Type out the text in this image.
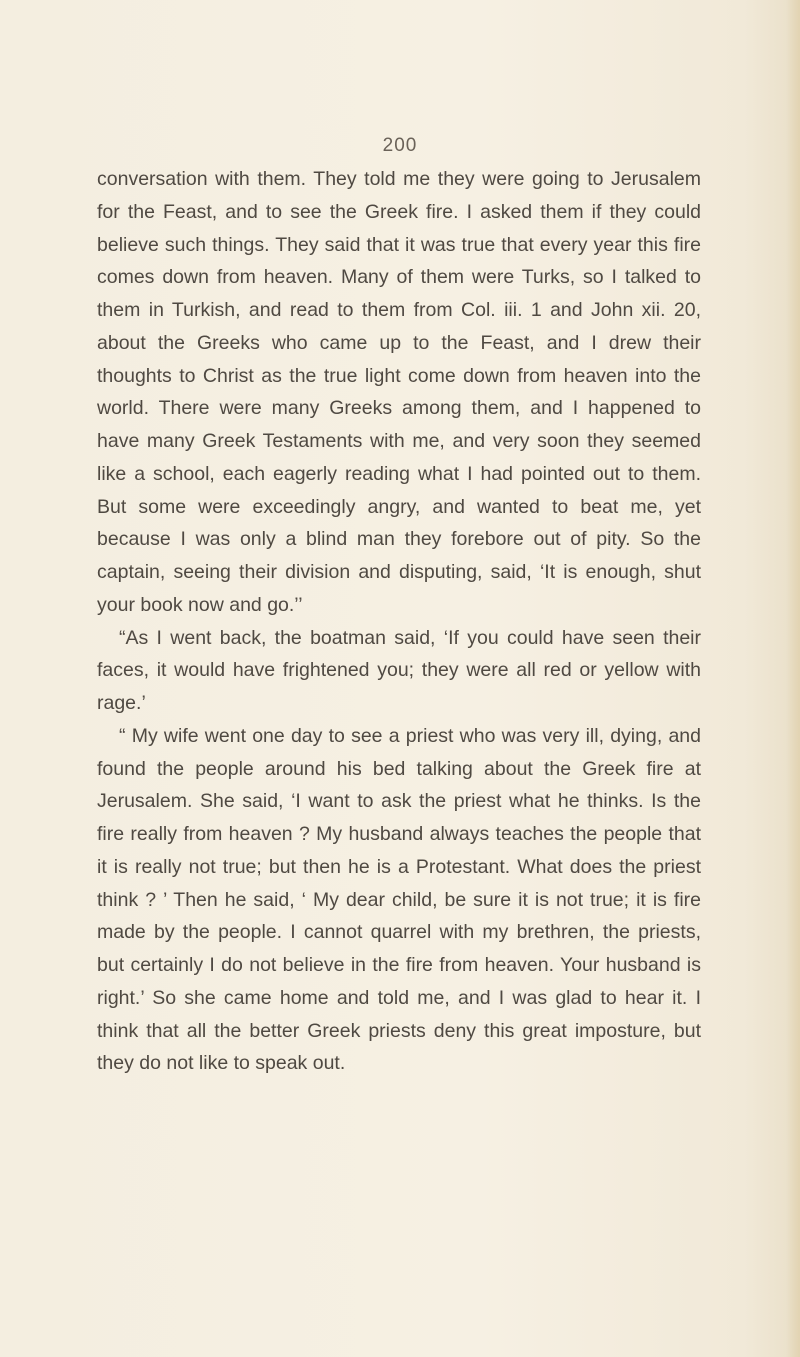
200

conversation with them. They told me they were going to Jerusalem for the Feast, and to see the Greek fire. I asked them if they could believe such things. They said that it was true that every year this fire comes down from heaven. Many of them were Turks, so I talked to them in Turkish, and read to them from Col. iii. 1 and John xii. 20, about the Greeks who came up to the Feast, and I drew their thoughts to Christ as the true light come down from heaven into the world. There were many Greeks among them, and I happened to have many Greek Testaments with me, and very soon they seemed like a school, each eagerly reading what I had pointed out to them. But some were exceedingly angry, and wanted to beat me, yet because I was only a blind man they forebore out of pity. So the captain, seeing their division and disputing, said, ‘It is enough, shut your book now and go.’’

“As I went back, the boatman said, ‘If you could have seen their faces, it would have frightened you; they were all red or yellow with rage.’

“ My wife went one day to see a priest who was very ill, dying, and found the people around his bed talking about the Greek fire at Jerusalem. She said, ‘I want to ask the priest what he thinks. Is the fire really from heaven ? My husband always teaches the people that it is really not true; but then he is a Protestant. What does the priest think ? ’ Then he said, ‘ My dear child, be sure it is not true; it is fire made by the people. I cannot quarrel with my brethren, the priests, but certainly I do not believe in the fire from heaven. Your husband is right.’ So she came home and told me, and I was glad to hear it. I think that all the better Greek priests deny this great imposture, but they do not like to speak out.
